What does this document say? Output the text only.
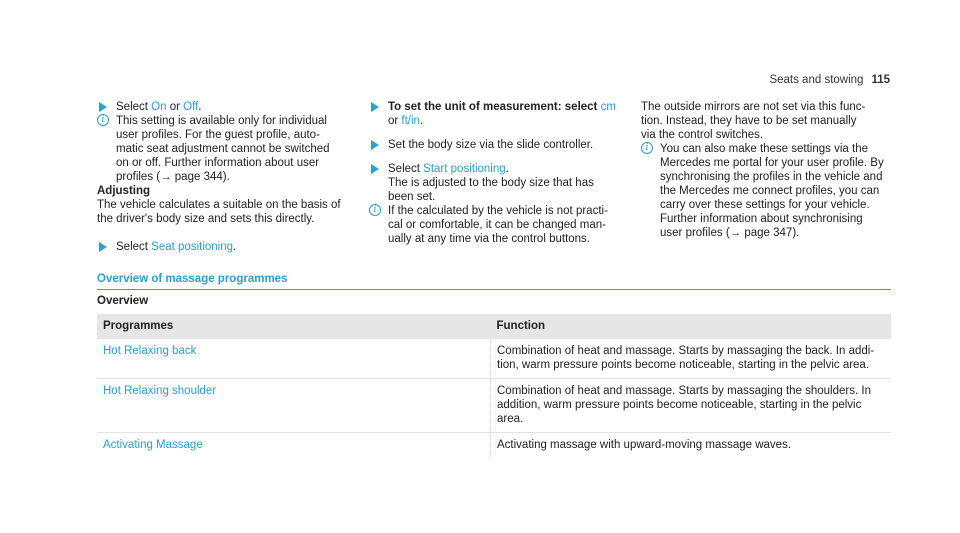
Seats and stowing 115
Select On or Off.
i	This setting is available only for individual
user profiles. For the guest profile, auto-
matic seat adjustment cannot be switched
on or off. Further information about user
profiles (→ page 344).
Adjusting
The vehicle calculates a suitable on the basis of
the driver's body size and sets this directly.
Select Seat positioning.
To set the unit of measurement: select cm
or ft/in.
Set the body size via the slide controller.
Select Start positioning.
The is adjusted to the body size that has
been set.
i	If the calculated by the vehicle is not practi-
cal or comfortable, it can be changed man-
ually at any time via the control buttons.
The outside mirrors are not set via this func-
tion. Instead, they have to be set manually
via the control switches.
i	You can also make these settings via the
Mercedes me portal for your user profile. By
synchronising the profiles in the vehicle and
the Mercedes me connect profiles, you can
carry over these settings for your vehicle.
Further information about synchronising
user profiles (→ page 347).
Overview of massage programmes
Overview
Programmes	Function
Hot Relaxing back	Combination of heat and massage. Starts by massaging the back. In addi-
tion, warm pressure points become noticeable, starting in the pelvic area.

Hot Relaxing shoulder	Combination of heat and massage. Starts by massaging the shoulders. In
addition, warm pressure points become noticeable, starting in the pelvic
area.

Activating Massage	Activating massage with upward-moving massage waves.
